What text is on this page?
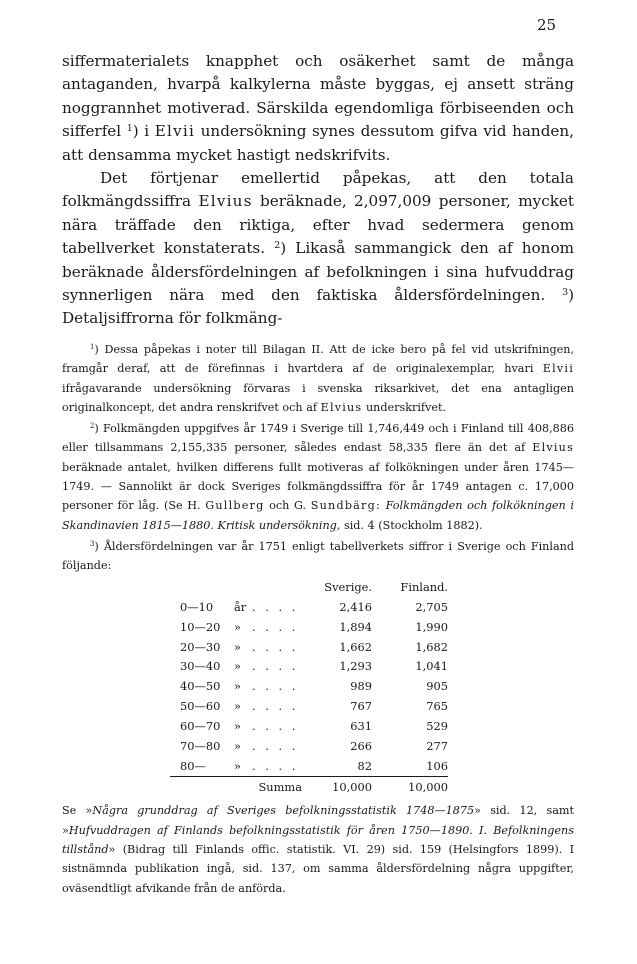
25

siffermaterialets knapphet och osäkerhet samt de många antaganden, hvarpå kalkylerna måste byggas, ej ansett sträng noggrannhet motiverad. Särskilda egendomliga förbiseenden och sifferfel $^1$) i Elvii undersökning synes dessutom gifva vid handen, att densamma mycket hastigt nedskrifvits.

Det förtjenar emellertid påpekas, att den totala folkmängdssiffra Elvius beräknade, 2,097,009 personer, mycket nära träffade den riktiga, efter hvad sedermera genom tabellverket konstaterats. $^2$) Likaså sammangick den af honom beräknade åldersfördelningen af befolkningen i sina hufvuddrag synnerligen nära med den faktiska åldersfördelningen. $^3$) Detaljsiffrorna för folkmäng-

$^1$) Dessa påpekas i noter till Bilagan II. Att de icke bero på fel vid utskrifningen, framgår deraf, att de förefinnas i hvartdera af de originalexemplar, hvari Elvii ifrågavarande undersökning förvaras i svenska riksarkivet, det ena antagligen originalkoncept, det andra renskrifvet och af Elvius underskrifvet.

$^2$) Folkmängden uppgifves år 1749 i Sverige till 1,746,449 och i Finland till 408,886 eller tillsammans 2,155,335 personer, således endast 58,335 flere än det af Elvius beräknade antalet, hvilken differens fullt motiveras af folkökningen under åren 1745—1749. — Sannolikt är dock Sveriges folkmängdssiffra för år 1749 antagen c. 17,000 personer för låg. (Se H. Gullberg och G. Sundbärg: Folkmängden och folkökningen i Skandinavien 1815—1880. Kritisk undersökning, sid. 4 (Stockholm 1882).

$^3$) Åldersfördelningen var år 1751 enligt tabellverkets siffror i Sverige och Finland följande:

			Sverige.	Finland.
0—10	år	. . . .	2,416	2,705
10—20	»	. . . .	1,894	1,990
20—30	»	. . . .	1,662	1,682
30—40	»	. . . .	1,293	1,041
40—50	»	. . . .	989	905
50—60	»	. . . .	767	765
60—70	»	. . . .	631	529
70—80	»	. . . .	266	277
80—	»	. . . .	82	106
		Summa	10,000	10,000

Se »Några grunddrag af Sveriges befolkningsstatistik 1748—1875» sid. 12, samt »Hufvuddragen af Finlands befolkningsstatistik för åren 1750—1890. I. Befolkningens tillstånd» (Bidrag till Finlands offic. statistik. VI. 29) sid. 159 (Helsingfors 1899). I sistnämnda publikation ingå, sid. 137, om samma åldersfördelning några uppgifter, oväsendtligt afvikande från de anförda.
